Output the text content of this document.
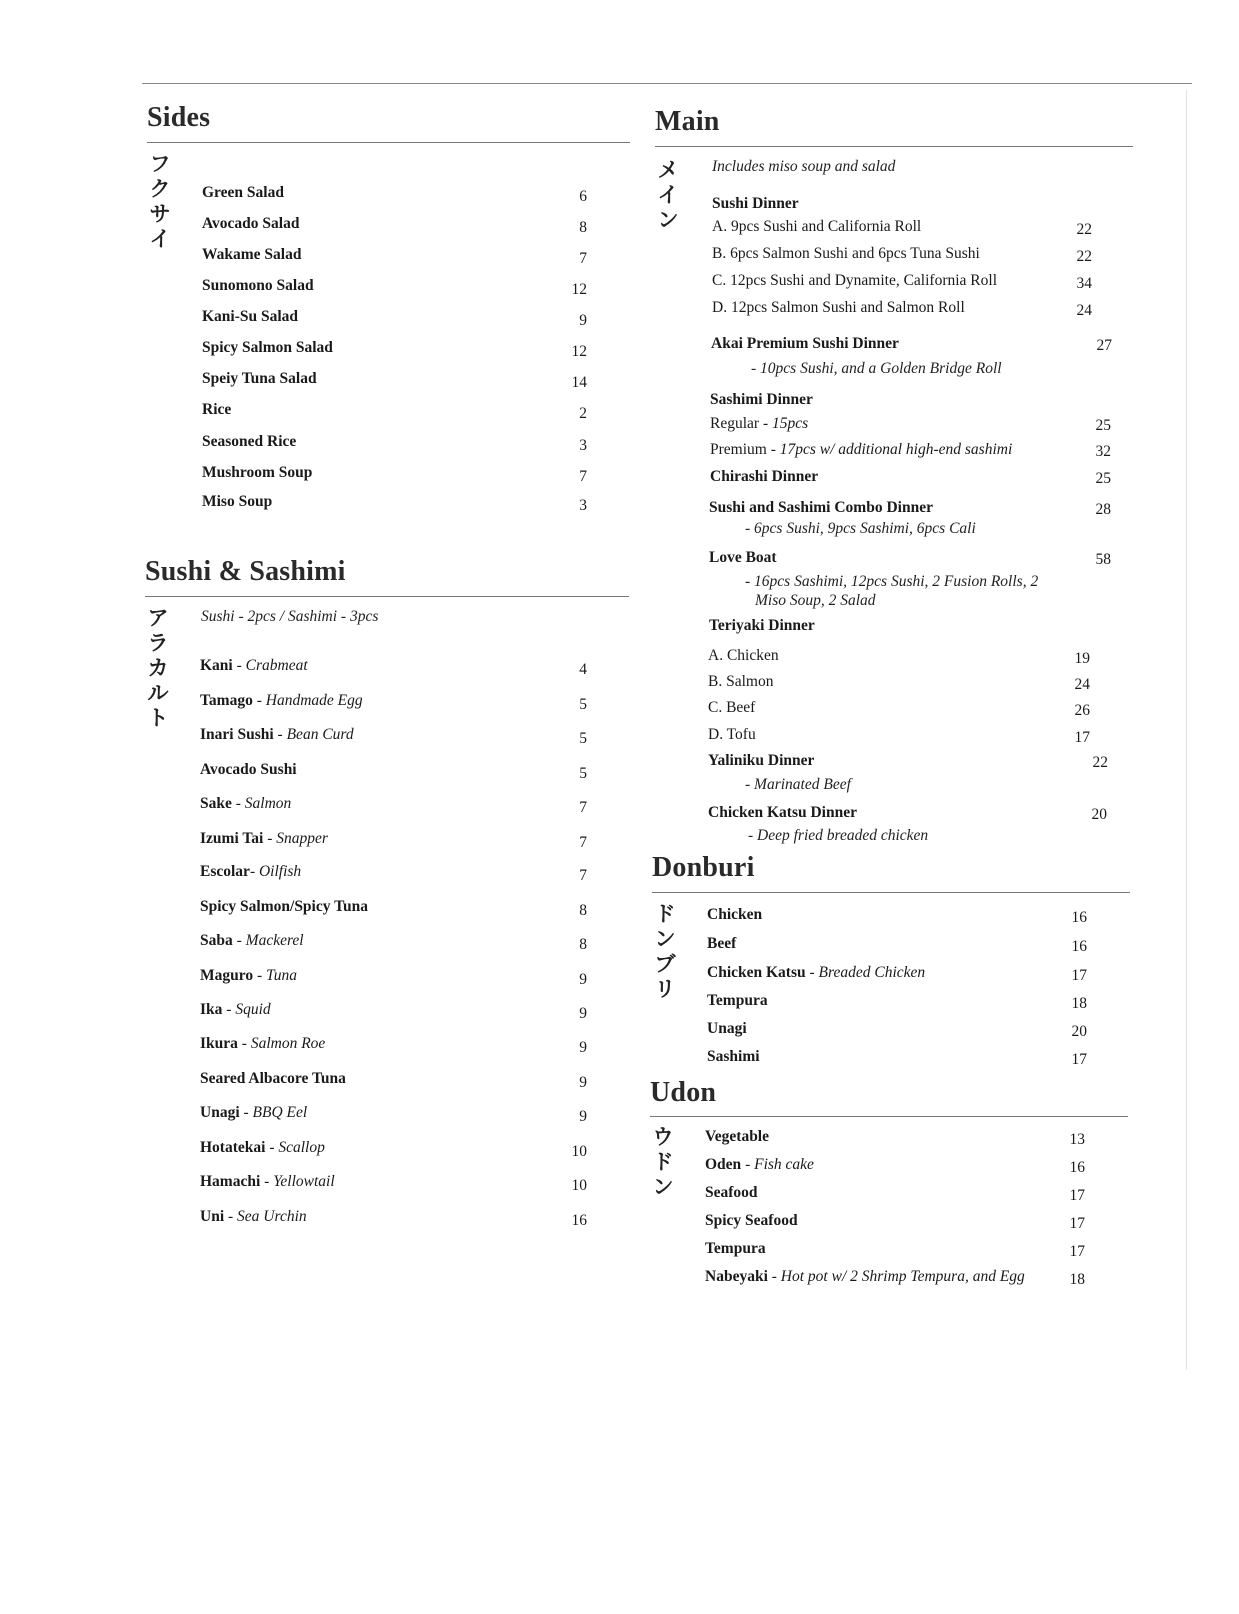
Sides
フ
ク
サ
イ
Green Salad	6
Avocado Salad	8
Wakame Salad	7
Sunomono Salad	12
Kani-Su Salad	9
Spicy Salmon Salad	12
Speiy Tuna Salad	14
Rice	2
Seasoned Rice	3
Mushroom Soup	7
Miso Soup	3
Sushi & Sashimi
ア
ラ
カ
ル
ト
Sushi - 2pcs / Sashimi - 3pcs
Kani - Crabmeat	4
Tamago - Handmade Egg	5
Inari Sushi - Bean Curd	5
Avocado Sushi	5
Sake - Salmon	7
Izumi Tai - Snapper	7
Escolar- Oilfish	7
Spicy Salmon/Spicy Tuna	8
Saba - Mackerel	8
Maguro - Tuna	9
Ika - Squid	9
Ikura - Salmon Roe	9
Seared Albacore Tuna	9
Unagi - BBQ Eel	9
Hotatekai - Scallop	10
Hamachi - Yellowtail	10
Uni - Sea Urchin	16
Main
メ
イ
ン
Includes miso soup and salad
Sushi Dinner
A. 9pcs Sushi and California Roll	22
B. 6pcs Salmon Sushi and 6pcs Tuna Sushi	22
C. 12pcs Sushi and Dynamite, California Roll	34
D. 12pcs Salmon Sushi and Salmon Roll	24
Akai Premium Sushi Dinner	27
- 10pcs Sushi, and a Golden Bridge Roll
Sashimi Dinner
Regular - 15pcs	25
Premium - 17pcs w/ additional high-end sashimi	32
Chirashi Dinner	25
Sushi and Sashimi Combo Dinner	28
- 6pcs Sushi, 9pcs Sashimi, 6pcs Cali
Love Boat	58
- 16pcs Sashimi, 12pcs Sushi, 2 Fusion Rolls, 2
Miso Soup, 2 Salad
Teriyaki Dinner
A. Chicken	19
B. Salmon	24
C. Beef	26
D. Tofu	17
Yaliniku Dinner	22
- Marinated Beef
Chicken Katsu Dinner	20
- Deep fried breaded chicken
Donburi
ド
ン
ブ
リ
Chicken	16
Beef	16
Chicken Katsu - Breaded Chicken	17
Tempura	18
Unagi	20
Sashimi	17
Udon
ウ
ド
ン
Vegetable	13
Oden - Fish cake	16
Seafood	17
Spicy Seafood	17
Tempura	17
Nabeyaki - Hot pot w/ 2 Shrimp Tempura, and Egg	18
